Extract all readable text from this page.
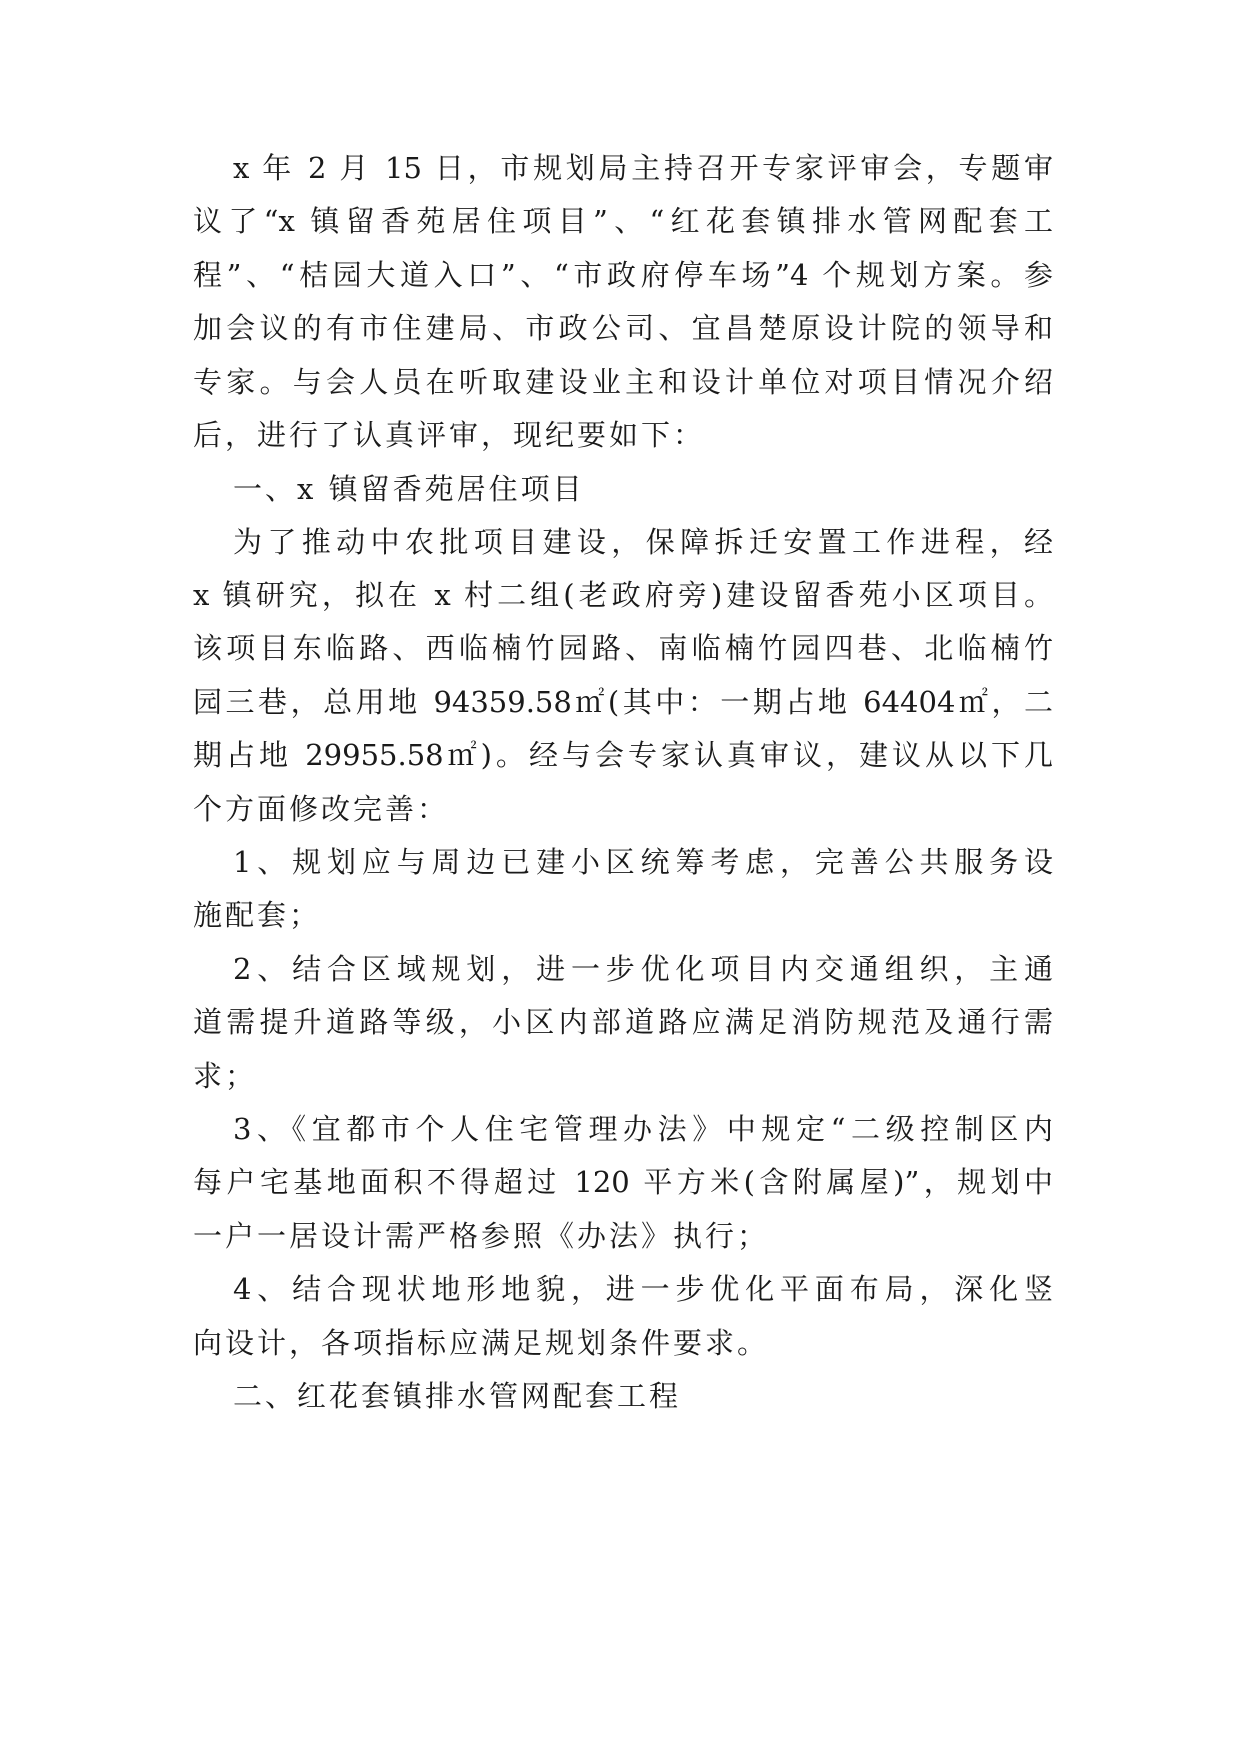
x 年 2 月 15 日，市规划局主持召开专家评审会，专题审
议了“x 镇留香苑居住项目”、“红花套镇排水管网配套工
程”、“桔园大道入口”、“市政府停车场”4 个规划方案。参
加会议的有市住建局、市政公司、宜昌楚原设计院的领导和
专家。与会人员在听取建设业主和设计单位对项目情况介绍
后，进行了认真评审，现纪要如下：
一、x 镇留香苑居住项目
为了推动中农批项目建设，保障拆迁安置工作进程，经
x 镇研究，拟在 x 村二组(老政府旁)建设留香苑小区项目。
该项目东临路、西临楠竹园路、南临楠竹园四巷、北临楠竹
园三巷，总用地 94359.58㎡(其中：一期占地 64404㎡，二
期占地 29955.58㎡)。经与会专家认真审议，建议从以下几
个方面修改完善：
1、规划应与周边已建小区统筹考虑，完善公共服务设
施配套；
2、结合区域规划，进一步优化项目内交通组织，主通
道需提升道路等级，小区内部道路应满足消防规范及通行需
求；
3、《宜都市个人住宅管理办法》中规定“二级控制区内
每户宅基地面积不得超过 120 平方米(含附属屋)”，规划中
一户一居设计需严格参照《办法》执行；
4、结合现状地形地貌，进一步优化平面布局，深化竖
向设计，各项指标应满足规划条件要求。
二、红花套镇排水管网配套工程
